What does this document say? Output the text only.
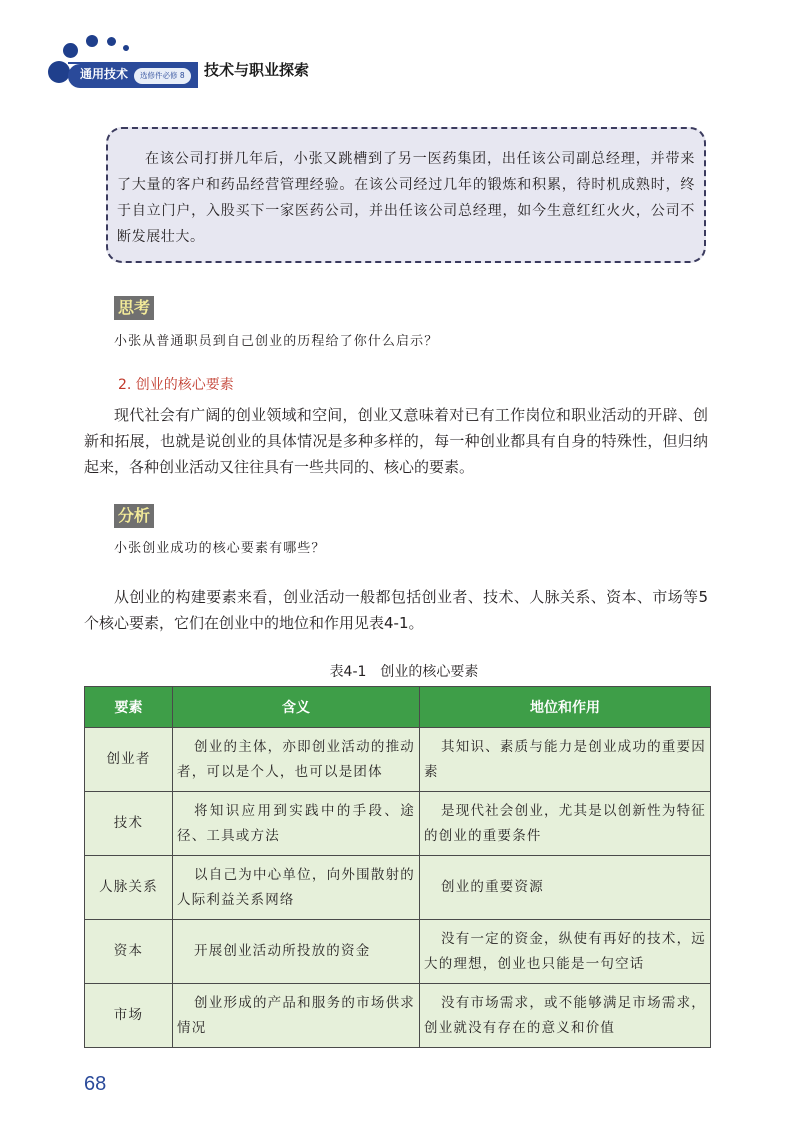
通用技术	选修件必修 8	技术与职业探索

在该公司打拼几年后，小张又跳槽到了另一医药集团，出任该公司副总经理，并带来了大量的客户和药品经营管理经验。在该公司经过几年的锻炼和积累，待时机成熟时，终于自立门户，入股买下一家医药公司，并出任该公司总经理，如今生意红红火火，公司不断发展壮大。

思考
小张从普通职员到自己创业的历程给了你什么启示？
2. 创业的核心要素

现代社会有广阔的创业领域和空间，创业又意味着对已有工作岗位和职业活动的开辟、创新和拓展，也就是说创业的具体情况是多种多样的，每一种创业都具有自身的特殊性，但归纳起来，各种创业活动又往往具有一些共同的、核心的要素。

分析
小张创业成功的核心要素有哪些？

从创业的构建要素来看，创业活动一般都包括创业者、技术、人脉关系、资本、市场等5个核心要素，它们在创业中的地位和作用见表4-1。

表4-1　创业的核心要素
要素	含义	地位和作用
创业者	创业的主体，亦即创业活动的推动者，可以是个人，也可以是团体	其知识、素质与能力是创业成功的重要因素
技术	将知识应用到实践中的手段、途径、工具或方法	是现代社会创业，尤其是以创新性为特征的创业的重要条件
人脉关系	以自己为中心单位，向外围散射的人际利益关系网络	创业的重要资源
资本	开展创业活动所投放的资金	没有一定的资金，纵使有再好的技术，远大的理想，创业也只能是一句空话
市场	创业形成的产品和服务的市场供求情况	没有市场需求，或不能够满足市场需求，创业就没有存在的意义和价值
68
